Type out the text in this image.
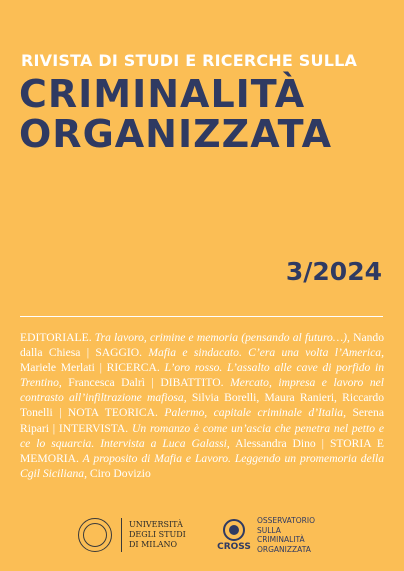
RIVISTA DI STUDI E RICERCHE SULLA
CRIMINALITÀ
ORGANIZZATA
3/2024

EDITORIALE. Tra lavoro, crimine e memoria (pensando al futuro…), Nando dalla Chiesa | SAGGIO. Mafia e sindacato. C’era una volta l’America, Mariele Merlati | RICERCA. L’oro rosso. L’assalto alle cave di porfido in Trentino, Francesca Dalrì | DIBATTITO. Mercato, impresa e lavoro nel contrasto all’infiltrazione mafiosa, Silvia Borelli, Maura Ranieri, Riccardo Tonelli | NOTA TEORICA. Palermo, capitale criminale d’Italia, Serena Ripari | INTERVISTA. Un romanzo è come un’ascia che penetra nel petto e ce lo squarcia. Intervista a Luca Galassi, Alessandra Dino | STORIA E MEMORIA. A proposito di Mafia e Lavoro. Leggendo un promemoria della Cgil Siciliana, Ciro Dovizio

UNIVERSITÀ
DEGLI STUDI
DI MILANO	CROSS
OSSERVATORIO
SULLA
CRIMINALITÀ
ORGANIZZATA
